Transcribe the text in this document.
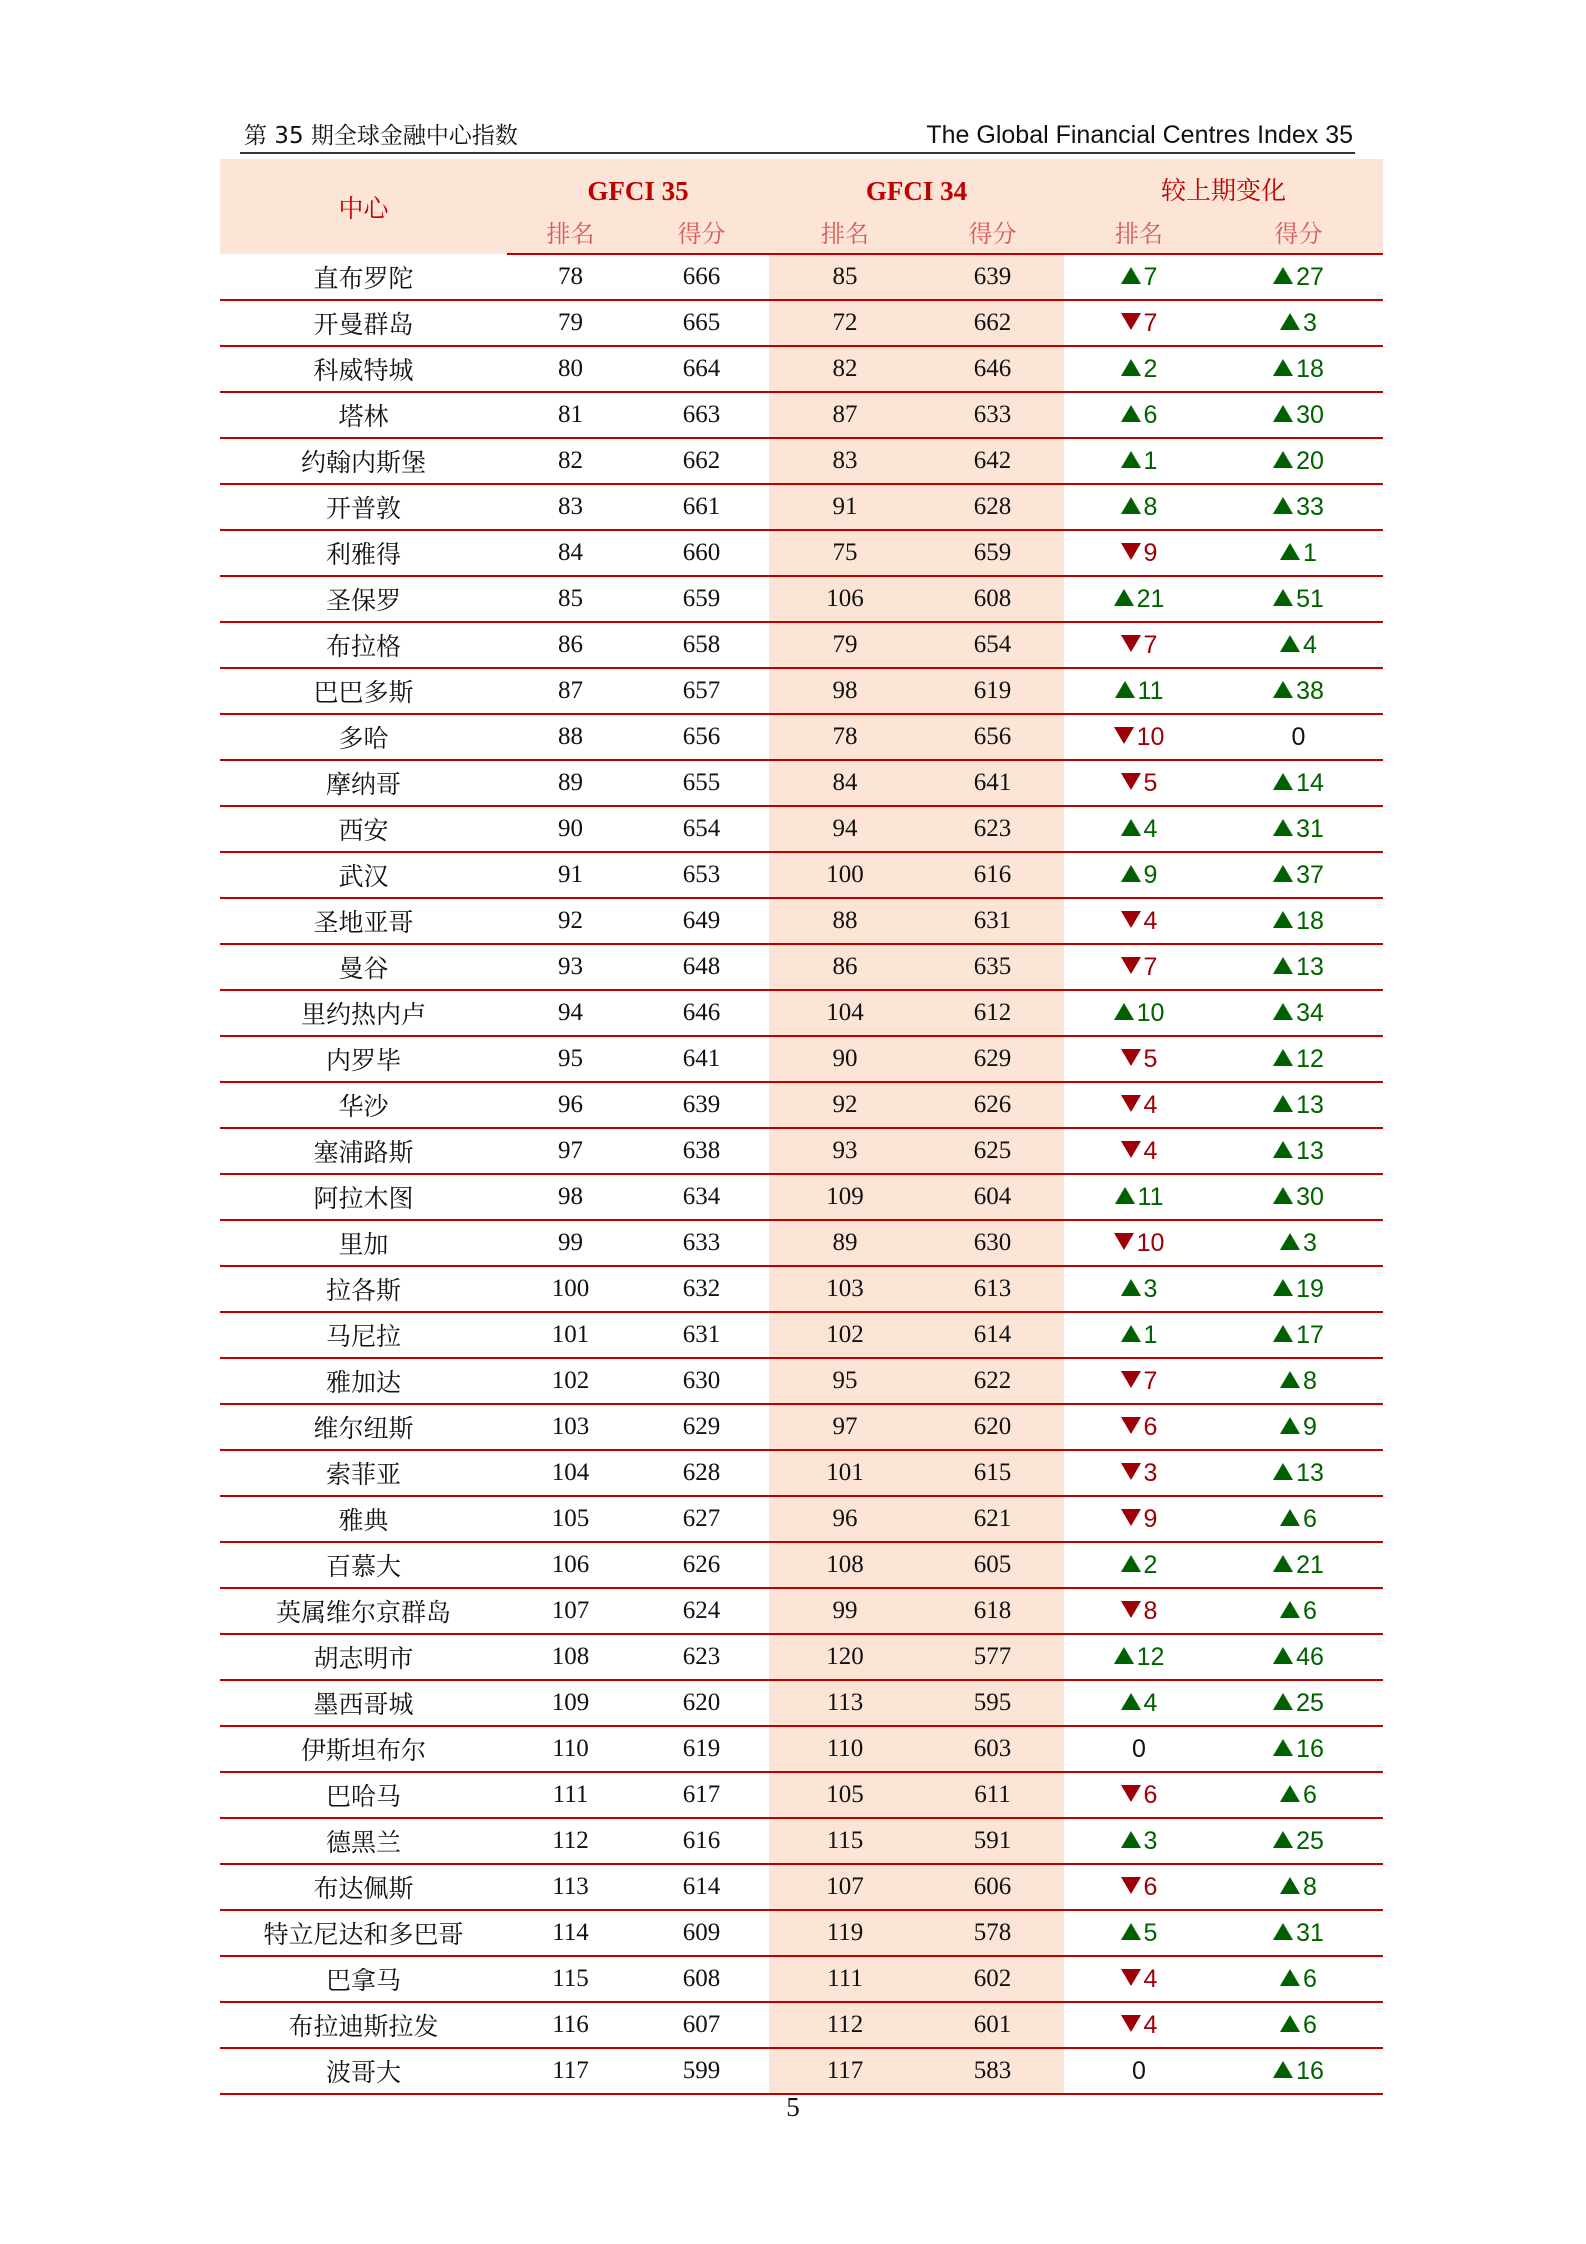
第 35 期全球金融中心指数	The Global Financial Centres Index 35
中心	GFCI 35		GFCI 34		较上期变化	
	排名	得分	排名	得分	排名	得分
直布罗陀	78	666	85	639	7	27
开曼群岛	79	665	72	662	7	3
科威特城	80	664	82	646	2	18
塔林	81	663	87	633	6	30
约翰内斯堡	82	662	83	642	1	20
开普敦	83	661	91	628	8	33
利雅得	84	660	75	659	9	1
圣保罗	85	659	106	608	21	51
布拉格	86	658	79	654	7	4
巴巴多斯	87	657	98	619	11	38
多哈	88	656	78	656	10	0
摩纳哥	89	655	84	641	5	14
西安	90	654	94	623	4	31
武汉	91	653	100	616	9	37
圣地亚哥	92	649	88	631	4	18
曼谷	93	648	86	635	7	13
里约热内卢	94	646	104	612	10	34
内罗毕	95	641	90	629	5	12
华沙	96	639	92	626	4	13
塞浦路斯	97	638	93	625	4	13
阿拉木图	98	634	109	604	11	30
里加	99	633	89	630	10	3
拉各斯	100	632	103	613	3	19
马尼拉	101	631	102	614	1	17
雅加达	102	630	95	622	7	8
维尔纽斯	103	629	97	620	6	9
索菲亚	104	628	101	615	3	13
雅典	105	627	96	621	9	6
百慕大	106	626	108	605	2	21
英属维尔京群岛	107	624	99	618	8	6
胡志明市	108	623	120	577	12	46
墨西哥城	109	620	113	595	4	25
伊斯坦布尔	110	619	110	603	0	16
巴哈马	111	617	105	611	6	6
德黑兰	112	616	115	591	3	25
布达佩斯	113	614	107	606	6	8
特立尼达和多巴哥	114	609	119	578	5	31
巴拿马	115	608	111	602	4	6
布拉迪斯拉发	116	607	112	601	4	6
波哥大	117	599	117	583	0	16
5
